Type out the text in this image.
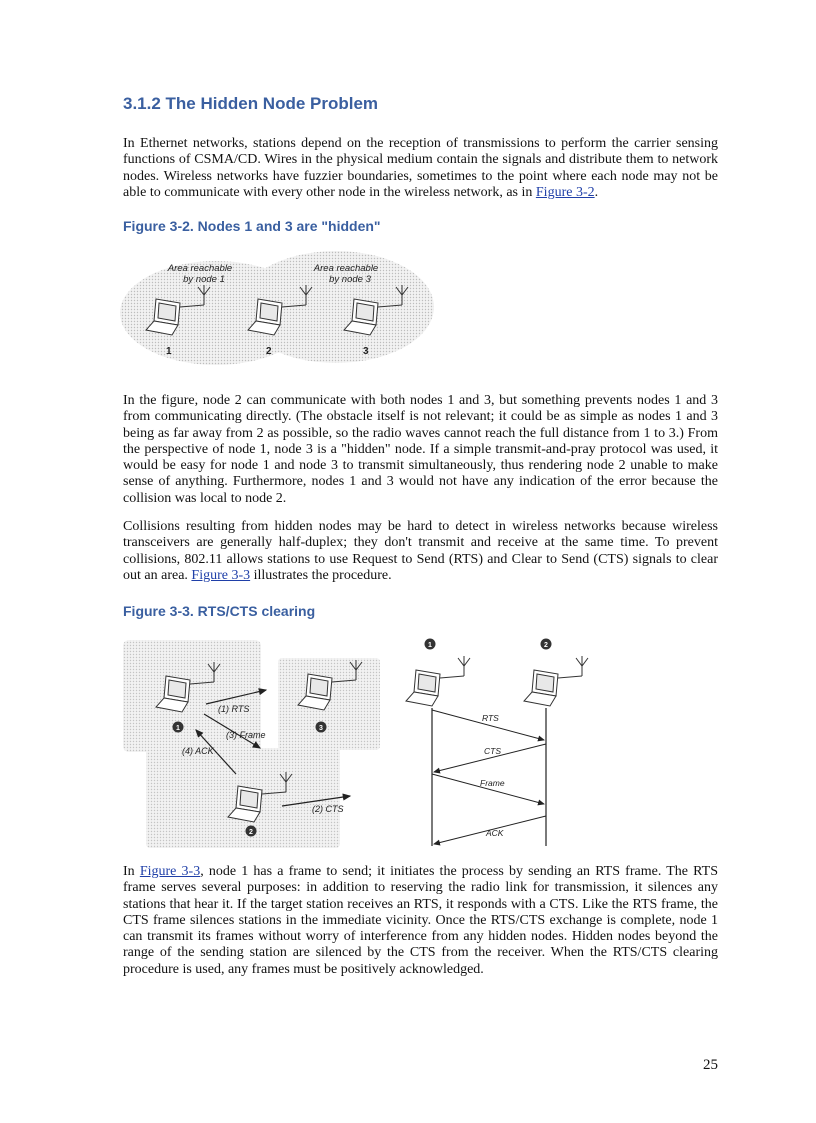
3.1.2 The Hidden Node Problem

In Ethernet networks, stations depend on the reception of transmissions to perform the carrier sensing functions of CSMA/CD. Wires in the physical medium contain the signals and distribute them to network nodes. Wireless networks have fuzzier boundaries, sometimes to the point where each node may not be able to communicate with every other node in the wireless network, as in Figure 3-2.

Figure 3-2. Nodes 1 and 3 are "hidden"

Area reachable
by node 1
Area reachable
by node 3
1	2	3

In the figure, node 2 can communicate with both nodes 1 and 3, but something prevents nodes 1 and 3 from communicating directly. (The obstacle itself is not relevant; it could be as simple as nodes 1 and 3 being as far away from 2 as possible, so the radio waves cannot reach the full distance from 1 to 3.) From the perspective of node 1, node 3 is a "hidden" node. If a simple transmit-and-pray protocol was used, it would be easy for node 1 and node 3 to transmit simultaneously, thus rendering node 2 unable to make sense of anything. Furthermore, nodes 1 and 3 would not have any indication of the error because the collision was local to node 2.

Collisions resulting from hidden nodes may be hard to detect in wireless networks because wireless transceivers are generally half-duplex; they don't transmit and receive at the same time. To prevent collisions, 802.11 allows stations to use Request to Send (RTS) and Clear to Send (CTS) signals to clear out an area. Figure 3-3 illustrates the procedure.

Figure 3-3. RTS/CTS clearing

(1) RTS
(3) Frame
(4) ACK
(2) CTS
1	3
2
1	2
RTS
CTS
Frame
ACK

In Figure 3-3, node 1 has a frame to send; it initiates the process by sending an RTS frame. The RTS frame serves several purposes: in addition to reserving the radio link for transmission, it silences any stations that hear it. If the target station receives an RTS, it responds with a CTS. Like the RTS frame, the CTS frame silences stations in the immediate vicinity. Once the RTS/CTS exchange is complete, node 1 can transmit its frames without worry of interference from any hidden nodes. Hidden nodes beyond the range of the sending station are silenced by the CTS from the receiver. When the RTS/CTS clearing procedure is used, any frames must be positively acknowledged.

25
